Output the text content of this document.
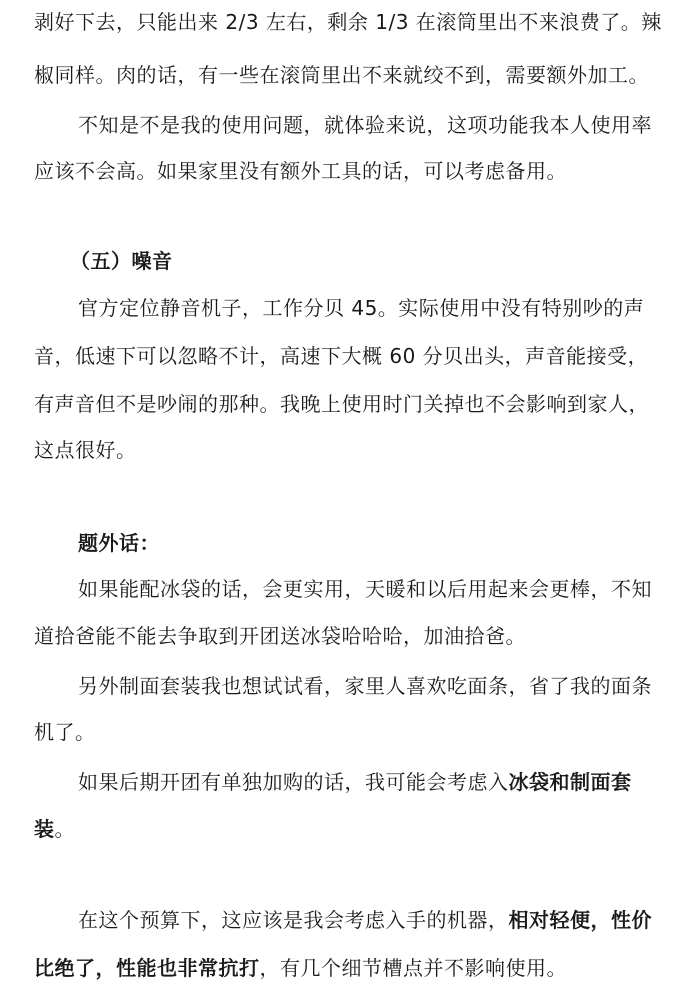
剥好下去，只能出来 2/3 左右，剩余 1/3 在滚筒里出不来浪费了。辣
椒同样。肉的话，有一些在滚筒里出不来就绞不到，需要额外加工。
不知是不是我的使用问题，就体验来说，这项功能我本人使用率
应该不会高。如果家里没有额外工具的话，可以考虑备用。
（五）噪音
官方定位静音机子，工作分贝 45。实际使用中没有特别吵的声
音，低速下可以忽略不计，高速下大概 60 分贝出头，声音能接受，
有声音但不是吵闹的那种。我晚上使用时门关掉也不会影响到家人，
这点很好。
题外话：
如果能配冰袋的话，会更实用，天暖和以后用起来会更棒，不知
道拾爸能不能去争取到开团送冰袋哈哈哈，加油拾爸。
另外制面套装我也想试试看，家里人喜欢吃面条，省了我的面条
机了。
如果后期开团有单独加购的话，我可能会考虑入冰袋和制面套
装。
在这个预算下，这应该是我会考虑入手的机器，相对轻便，性价
比绝了，性能也非常抗打，有几个细节槽点并不影响使用。
